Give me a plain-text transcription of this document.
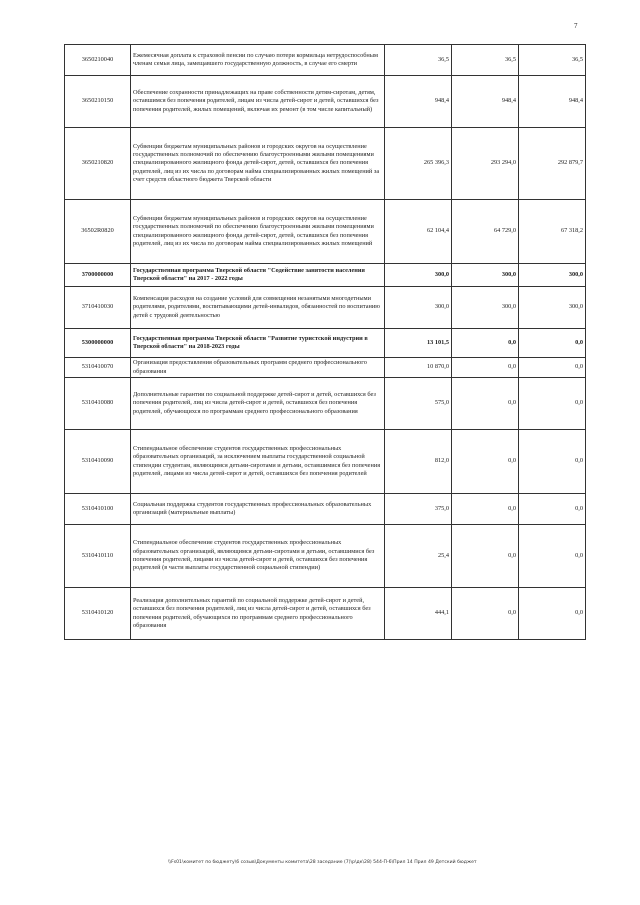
7
3650210040	Ежемесячная доплата к страховой пенсии по случаю потери кормильца нетрудоспособным членам семьи лица, замещавшего государственную должность, в случае его смерти	36,5	36,5	36,5
3650210150	Обеспечение сохранности принадлежащих на праве собственности детям-сиротам, детям, оставшимся без попечения родителей, лицам из числа детей-сирот и детей, оставшихся без попечения родителей, жилых помещений, включая их ремонт (в том числе капитальный)	948,4	948,4	948,4
3650210820	Субвенции бюджетам муниципальных районов и городских округов на осуществление государственных полномочий по обеспечению благоустроенными жилыми помещениями специализированного жилищного фонда детей-сирот, детей, оставшихся без попечения родителей, лиц из их числа по договорам найма специализированных жилых помещений за счет средств областного бюджета Тверской области	265 396,3	293 294,0	292 879,7
36502R0820	Субвенции бюджетам муниципальных районов и городских округов на осуществление государственных полномочий по обеспечению благоустроенными жилыми помещениями специализированного жилищного фонда детей-сирот, детей, оставшихся без попечения родителей, лиц из их числа по договорам найма специализированных жилых помещений	62 104,4	64 729,0	67 318,2
3700000000	Государственная программа Тверской области "Содействие занятости населения Тверской области" на 2017 - 2022 годы	300,0	300,0	300,0
3710410030	Компенсация расходов на создание условий для совмещения незанятыми многодетными родителями, родителями, воспитывающими детей-инвалидов, обязанностей по воспитанию детей с трудовой деятельностью	300,0	300,0	300,0
5300000000	Государственная программа Тверской области "Развитие туристской индустрии в Тверской области" на 2018-2023 годы	13 101,5	0,0	0,0
5310410070	Организация предоставления образовательных программ среднего профессионального образования	10 870,0	0,0	0,0
5310410080	Дополнительные гарантии по социальной поддержке детей-сирот и детей, оставшихся без попечения родителей, лиц из числа детей-сирот и детей, оставшихся без попечения родителей, обучающихся по программам среднего профессионального образования	575,0	0,0	0,0
5310410090	Стипендиальное обеспечение студентов государственных профессиональных образовательных организаций, за исключением выплаты государственной социальной стипендии студентам, являющимся детьми-сиротами и детьми, оставшимися без попечения родителей, лицами из числа детей-сирот и детей, оставшихся без попечения родителей	812,0	0,0	0,0
5310410100	Социальная поддержка студентов государственных профессиональных образовательных организаций (материальные выплаты)	375,0	0,0	0,0
5310410110	Стипендиальное обеспечение студентов государственных профессиональных образовательных организаций, являющимся детьми-сиротами и детьми, оставшимися без попечения родителей, лицами из числа детей-сирот и детей, оставшихся без попечения родителей (в части выплаты государственной социальной стипендии)	25,4	0,0	0,0
5310410120	Реализация дополнительных гарантий по социальной поддержке детей-сирот и детей, оставшихся без попечения родителей, лиц из числа детей-сирот и детей, оставшихся без попечения родителей, обучающихся по программам среднего профессионального образования	444,1	0,0	0,0
\\Fs01\комитет по бюджету\6 созыв\Документы комитета\28 заседание (7)\p\дк\28) 544-П-6\Прил 14 Прил 49 Детский бюджет
